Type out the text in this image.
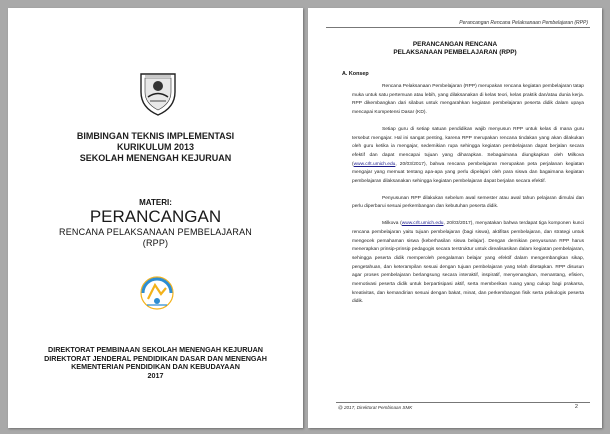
BIMBINGAN TEKNIS IMPLEMENTASI
KURIKULUM 2013
SEKOLAH MENENGAH KEJURUAN
MATERI:
PERANCANGAN
RENCANA PELAKSANAAN PEMBELAJARAN
(RPP)
DIREKTORAT PEMBINAAN SEKOLAH MENENGAH KEJURUAN
DIREKTORAT JENDERAL PENDIDIKAN DASAR DAN MENENGAH
KEMENTERIAN PENDIDIKAN DAN KEBUDAYAAN
2017
Perancangan Rencana Pelaksanaan Pembelajaran (RPP)
PERANCANGAN RENCANA
PELAKSANAAN PEMBELAJARAN (RPP)
A. Konsep

Rencana Pelaksanaan Pembelajaran (RPP) merupakan rencana kegiatan pembelajaran tatap muka untuk satu pertemuan atau lebih, yang dilaksanakan di kelas teori, kelas praktik dan/atau dunia kerja. RPP dikembangkan dari silabus untuk mengarahkan kegiatan pembelajaran peserta didik dalam upaya mencapai Kompetensi Dasar (KD).

Setiap guru di setiap satuan pendidikan wajib menyusun RPP untuk kelas di mana guru tersebut mengajar. Hal ini sangat penting, karena RPP merupakan rencana tindakan yang akan dilakukan oleh guru ketika ia mengajar, sedemikian rupa sehingga kegiatan pembelajaran dapat berjalan secara efektif dan dapat mencapai tujuan yang diharapkan. Sebagaimana diungkapkan oleh Milkova (www.crlt.umich.edu, 20/03/2017), bahwa rencana pembelajaran merupakan peta perjalanan kegiatan mengajar yang memuat tentang apa-apa yang perlu dipelajari oleh para siswa dan bagaimana kegiatan pembelajaran dilaksanakan sehingga kegiatan pembelajaran dapat berjalan secara efektif.

Penyusunan RPP dilakukan sebelum awal semester atau awal tahun pelajaran dimulai dan perlu diperbarui sesuai perkembangan dan kebutuhan peserta didik.

Milkova (www.crlt.umich.edu, 20/03/2017), menyatakan bahwa terdapat tiga komponen kunci rencana pembelajaran yaitu tujuan pembelajaran (bagi siswa), aktifitas pembelajaran, dan strategi untuk mengecek pemahaman siswa (keberhasilan siswa belajar). Dengan demikian penyusunan RPP harus menerapkan prinsip-prinsip pedagogis secara terstruktur untuk direalisasikan dalam kegiatan pembelajaran, sehingga peserta didik memperoleh pengalaman belajar yang efektif dalam mengembangkan sikap, pengetahuan, dan keterampilan sesuai dengan tujuan pembelajaran yang telah ditetapkan. RPP disusun agar proses pembelajaran berlangsung secara interaktif, inspiratif, menyenangkan, menantang, efisien, memotivasi peserta didik untuk berpartisipasi aktif, serta memberikan ruang yang cukup bagi prakarsa, kreativitas, dan kemandirian sesuai dengan bakat, minat, dan perkembangan fisik serta psikologis peserta didik.

@ 2017, Direktorat Pembinaan SMK	2
